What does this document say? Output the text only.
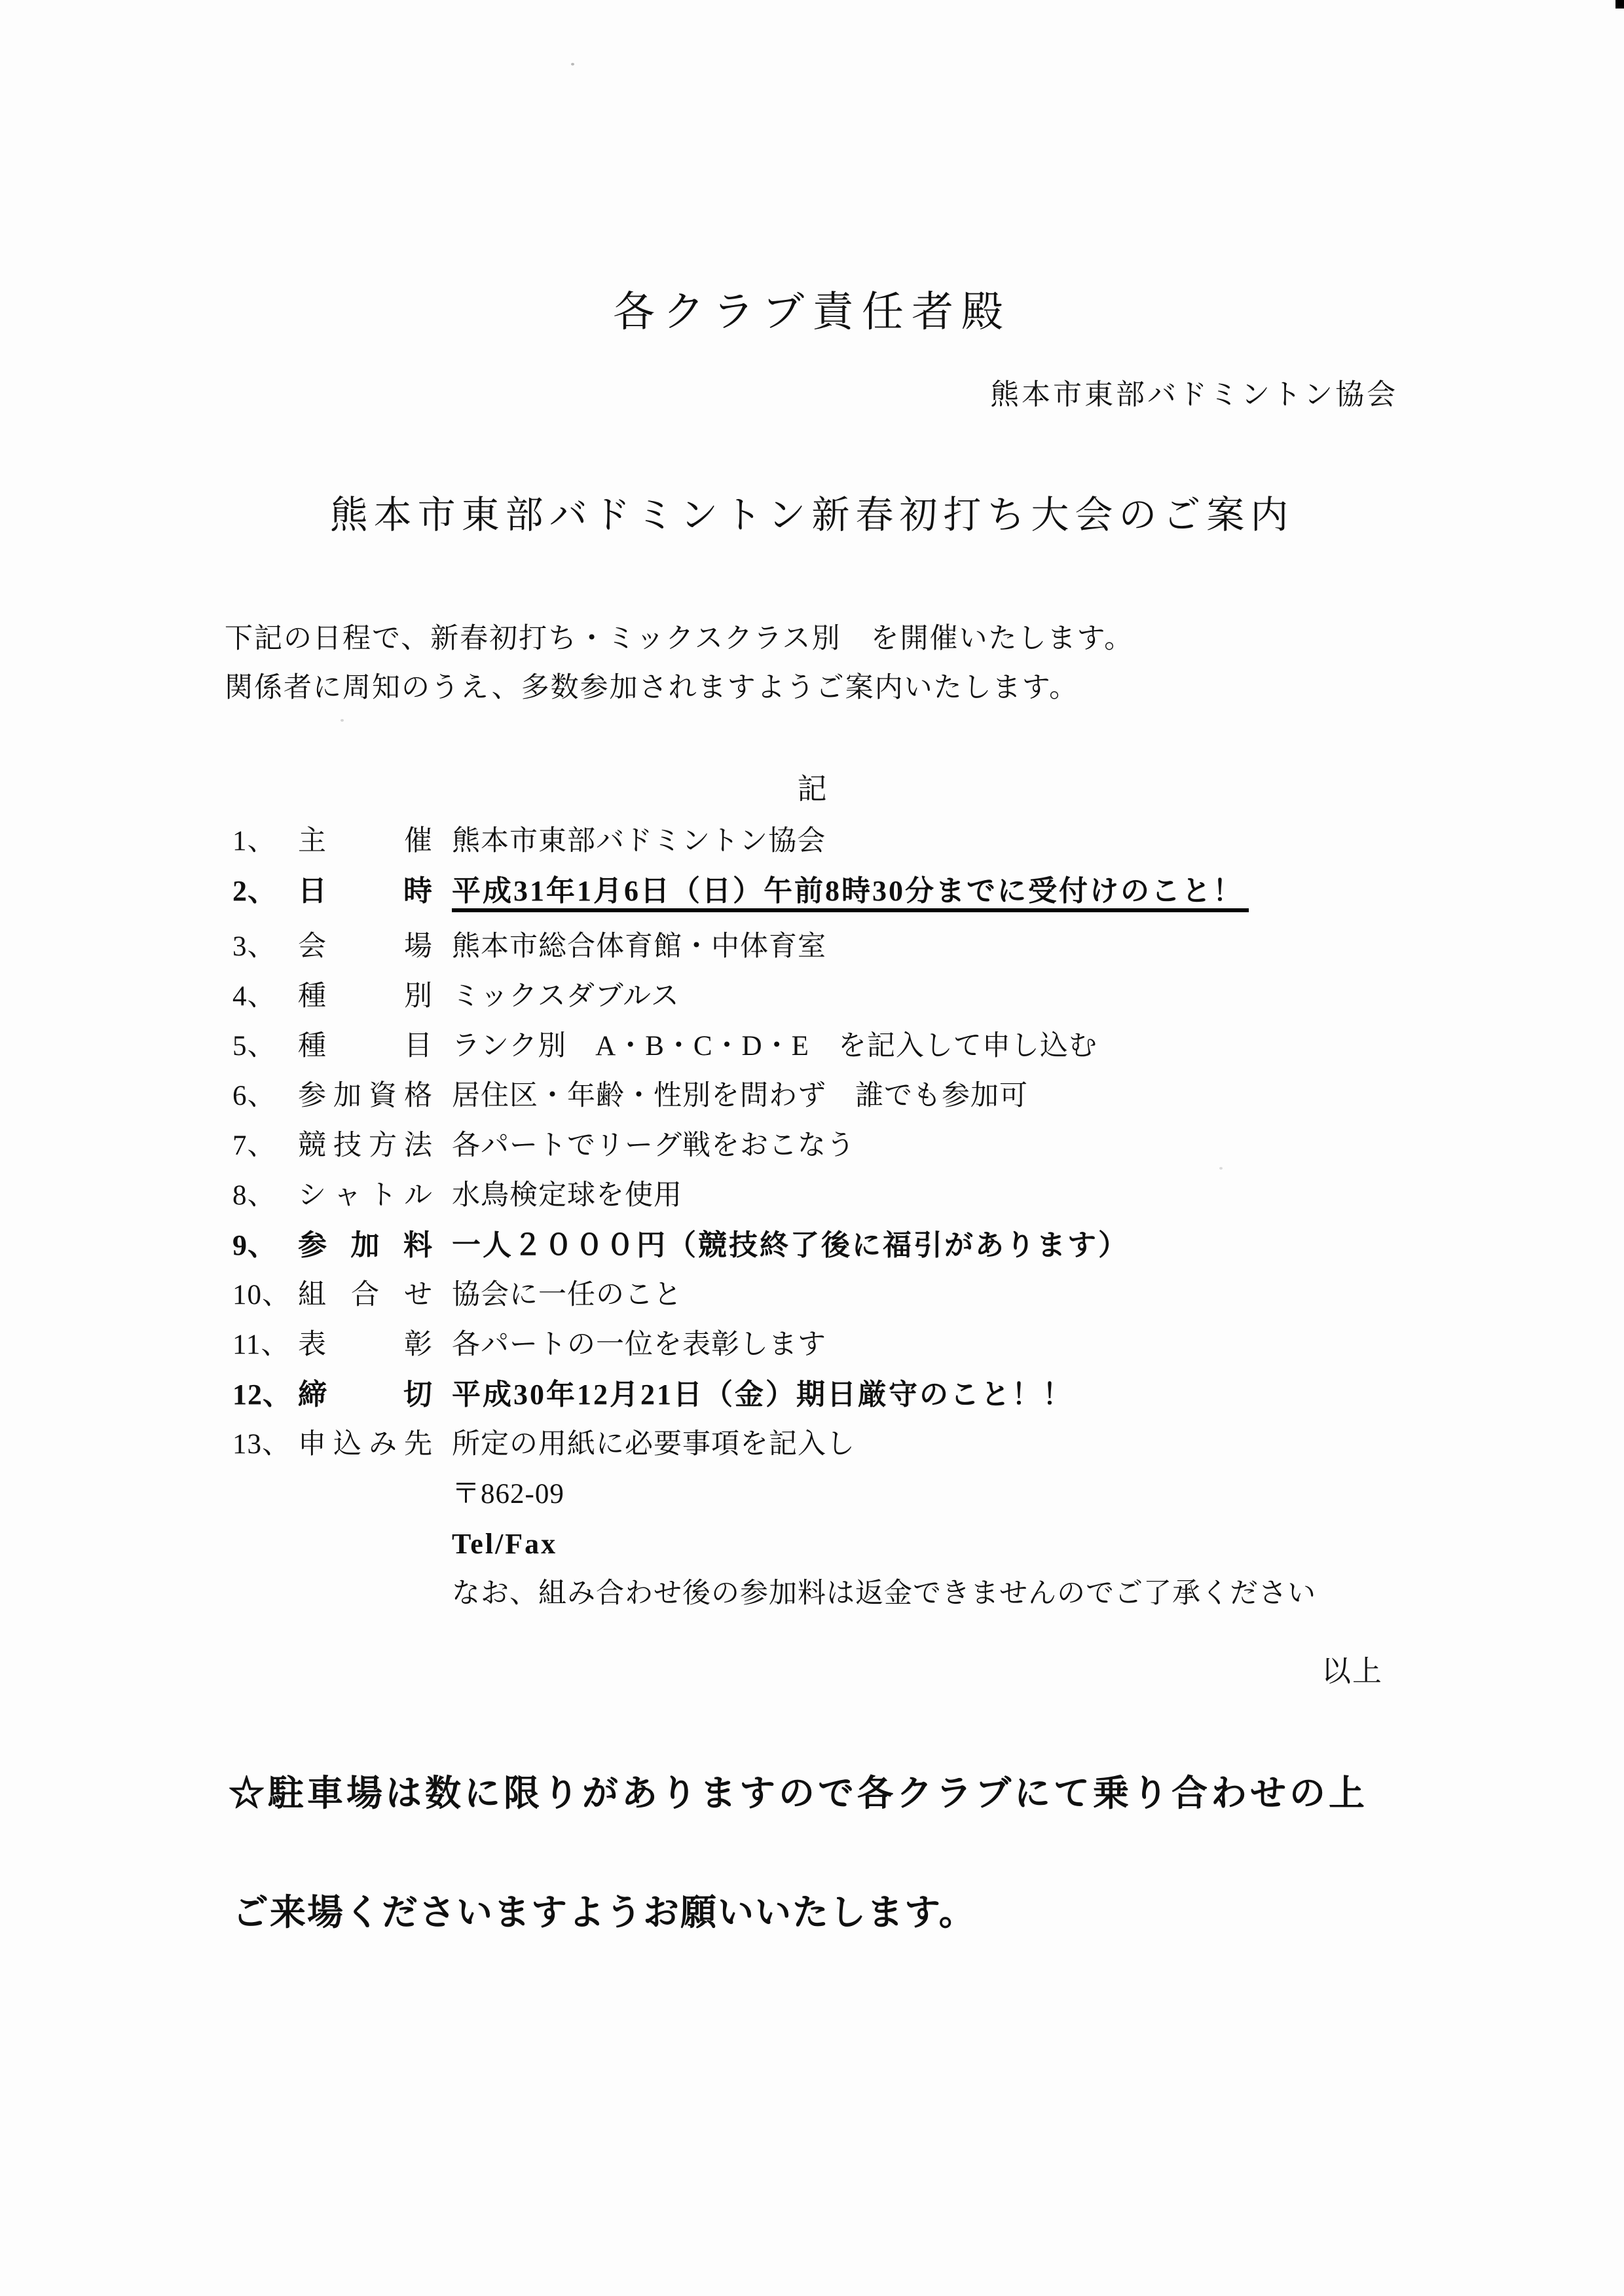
各クラブ責任者殿
熊本市東部バドミントン協会
熊本市東部バドミントン新春初打ち大会のご案内

下記の日程で、新春初打ち・ミックスクラス別　を開催いたします。

関係者に周知のうえ、多数参加されますようご案内いたします。

記
1、 主	催 熊本市東部バドミントン協会
2、 日	時 平成31年1月6日（日）午前8時30分までに受付けのこと！
3、 会	場 熊本市総合体育館・中体育室
4、 種	別 ミックスダブルス
5、 種	目 ランク別　A・B・C・D・E　を記入して申し込む
6、 参 加 資 格 居住区・年齢・性別を問わず　誰でも参加可
7、 競 技 方 法 各パートでリーグ戦をおこなう
8、 シ ャ ト ル 水鳥検定球を使用
9、 参 加 料 一人２０００円（競技終了後に福引があります）
10、 組 合 せ 協会に一任のこと
11、 表	彰 各パートの一位を表彰します
12、 締	切 平成30年12月21日（金）期日厳守のこと！！
13、 申 込 み 先 所定の用紙に必要事項を記入し
〒862-09
Tel/Fax
なお、組み合わせ後の参加料は返金できませんのでご了承ください
以上

☆駐車場は数に限りがありますので各クラブにて乗り合わせの上

ご来場くださいますようお願いいたします。
